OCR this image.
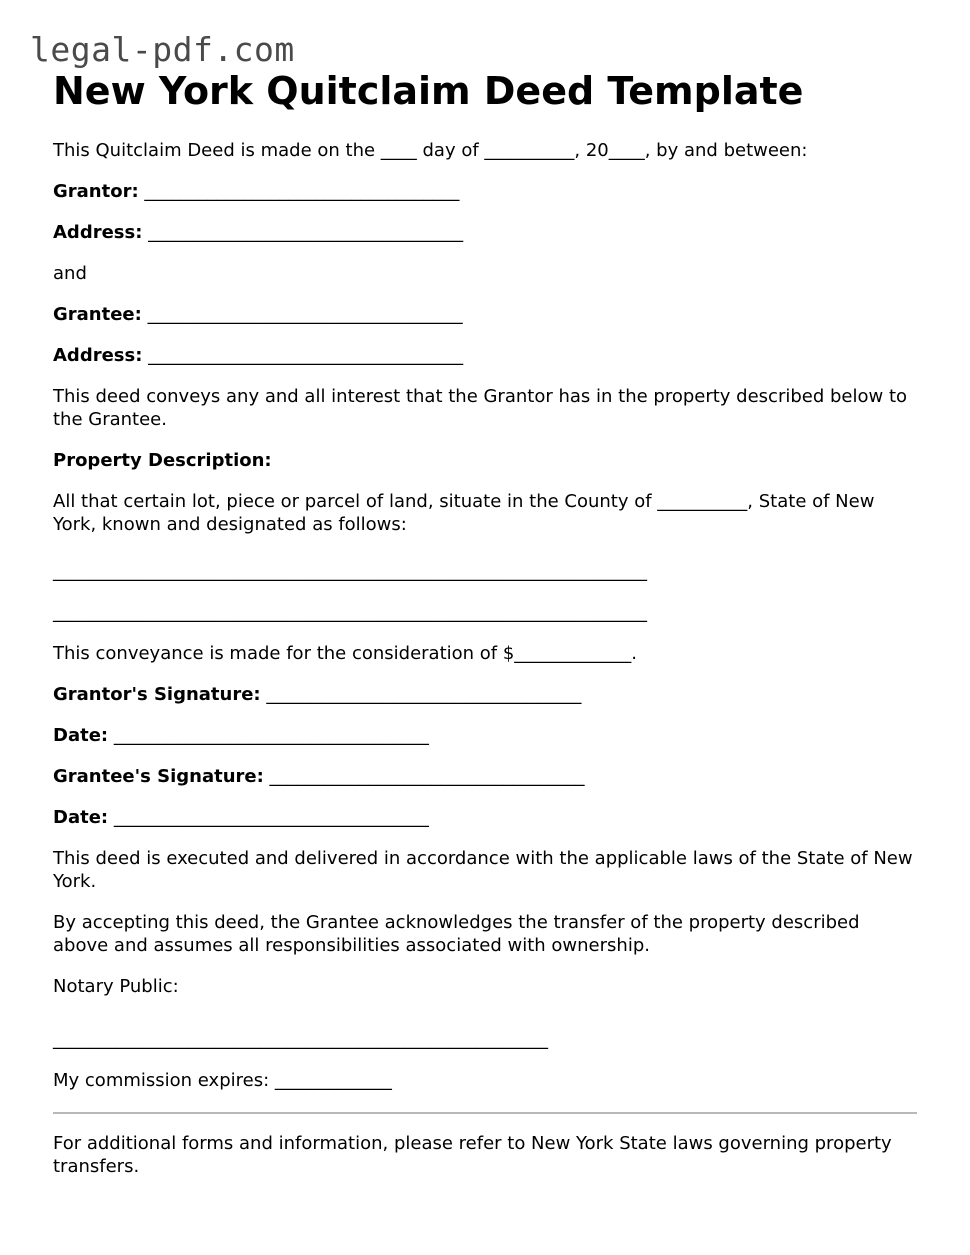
legal-pdf.com
New York Quitclaim Deed Template

This Quitclaim Deed is made on the ____ day of __________, 20____, by and between:

Grantor: ___________________________________

Address: ___________________________________

and

Grantee: ___________________________________

Address: ___________________________________

This deed conveys any and all interest that the Grantor has in the property described below to the Grantee.

Property Description:

All that certain lot, piece or parcel of land, situate in the County of __________, State of New York, known and designated as follows:

__________________________________________________________________

__________________________________________________________________

This conveyance is made for the consideration of $_____________.

Grantor's Signature: ___________________________________

Date: ___________________________________

Grantee's Signature: ___________________________________

Date: ___________________________________

This deed is executed and delivered in accordance with the applicable laws of the State of New York.

By accepting this deed, the Grantee acknowledges the transfer of the property described above and assumes all responsibilities associated with ownership.

Notary Public:

_______________________________________________________

My commission expires: _____________

For additional forms and information, please refer to New York State laws governing property transfers.
